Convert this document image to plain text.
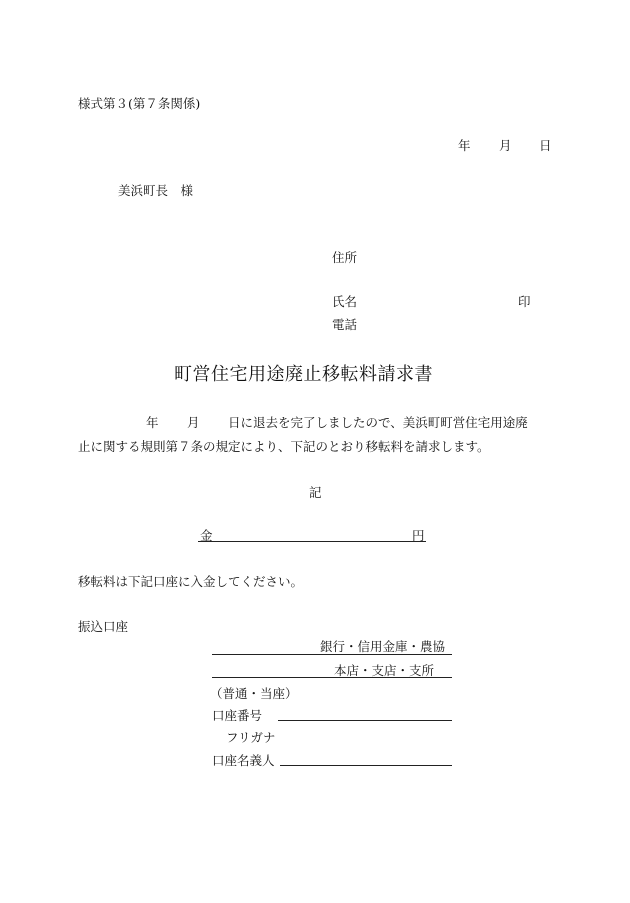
様式第３(第７条関係)
年 月 日
美浜町長　様
住所
氏名	印
電話
町営住宅用途廃止移転料請求書
年 月 日に退去を完了しましたので、美浜町町営住宅用途廃
止に関する規則第７条の規定により、下記のとおり移転料を請求します。
記
金	円
移転料は下記口座に入金してください。
振込口座
銀行・信用金庫・農協
本店・支店・支所
（普通・当座）
口座番号
フリガナ
口座名義人
